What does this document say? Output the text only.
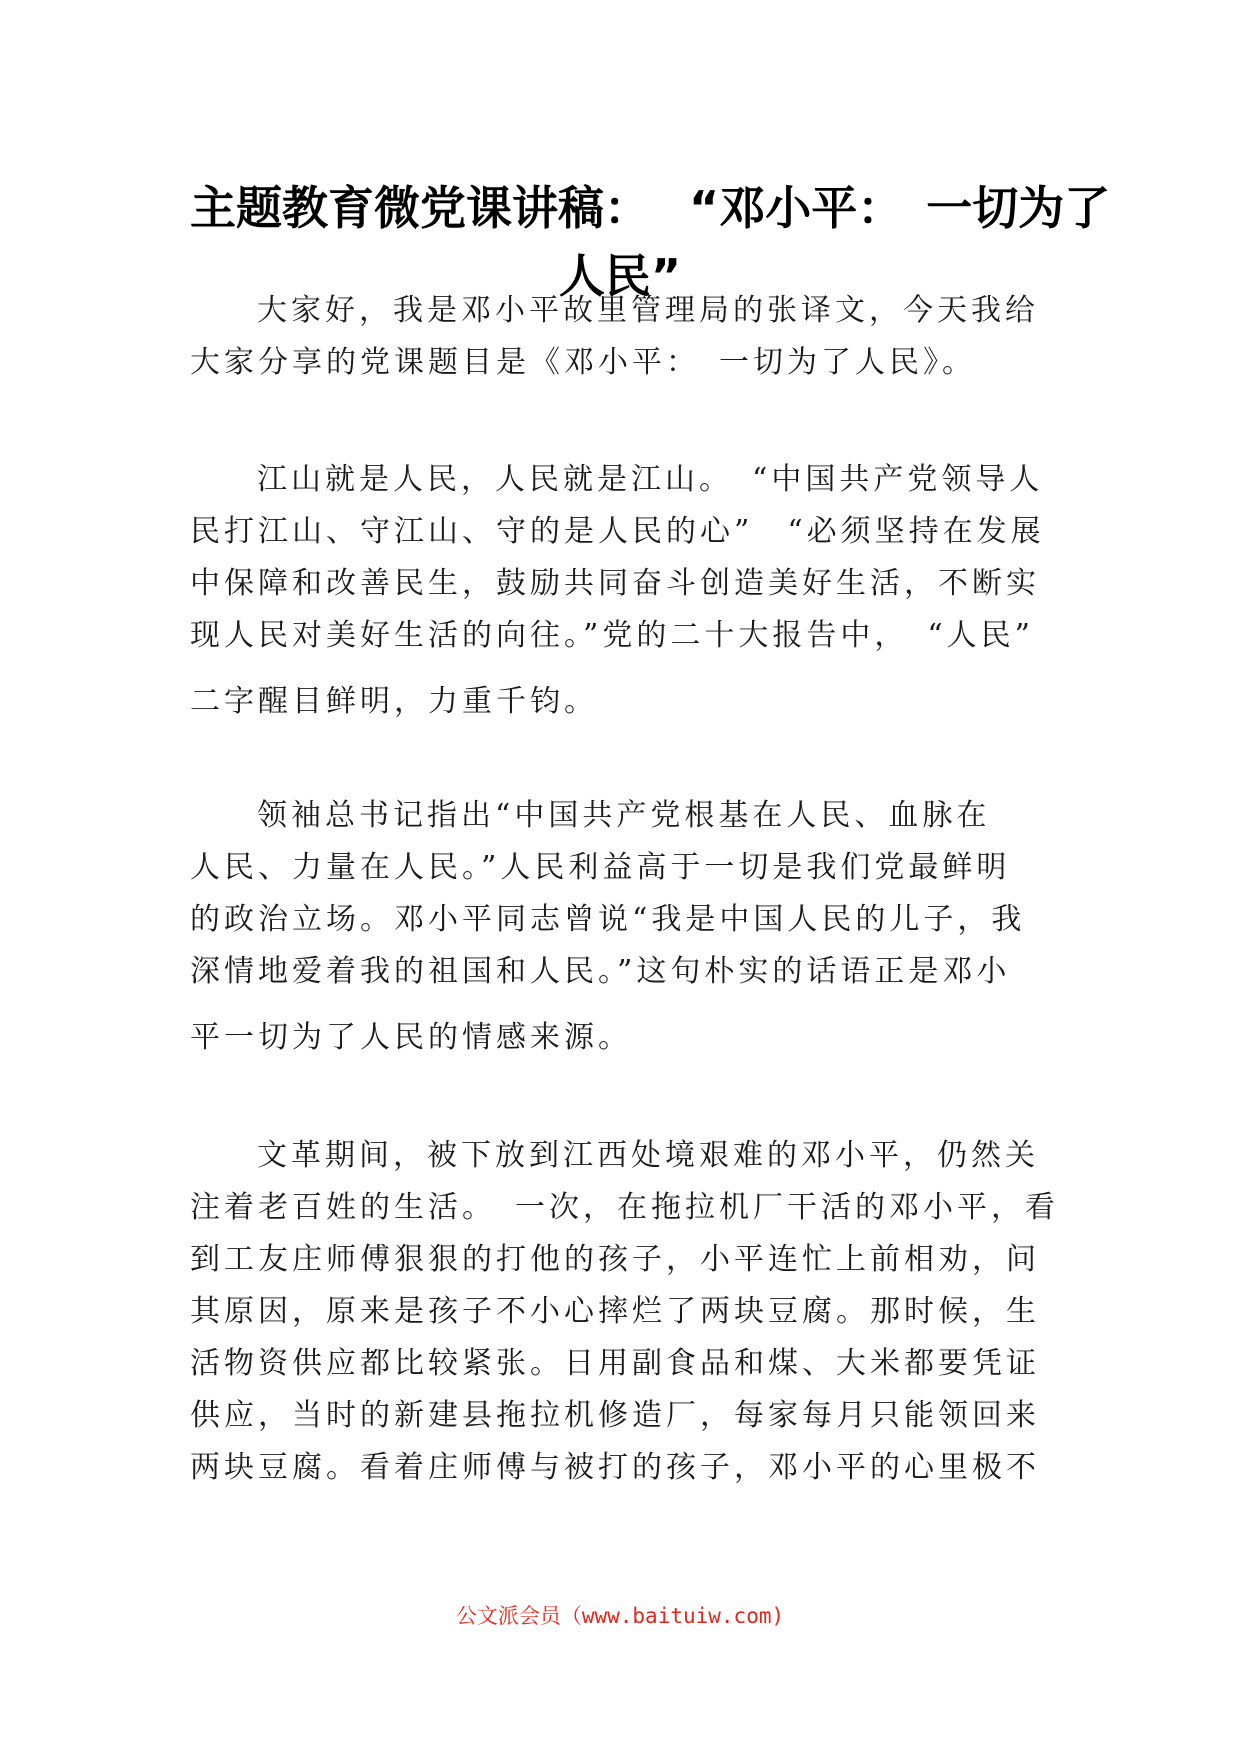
主题教育微党课讲稿：　 “邓小平：　一切为了
人民”
大家好，我是邓小平故里管理局的张译文，今天我给
大家分享的党课题目是《邓小平：　一切为了人民》。
江山就是人民，人民就是江山。　“中国共产党领导人
民打江山、守江山、守的是人民的心”　“必须坚持在发展
中保障和改善民生，鼓励共同奋斗创造美好生活，不断实
现人民对美好生活的向往。”党的二十大报告中，　“人民”
二字醒目鲜明，力重千钧。
领袖总书记指出“中国共产党根基在人民、血脉在
人民、力量在人民。”人民利益高于一切是我们党最鲜明
的政治立场。邓小平同志曾说“我是中国人民的儿子，我
深情地爱着我的祖国和人民。”这句朴实的话语正是邓小
平一切为了人民的情感来源。
文革期间，被下放到江西处境艰难的邓小平，仍然关
注着老百姓的生活。　一次，在拖拉机厂干活的邓小平，看
到工友庄师傅狠狠的打他的孩子，小平连忙上前相劝，问
其原因，原来是孩子不小心摔烂了两块豆腐。那时候，生
活物资供应都比较紧张。日用副食品和煤、大米都要凭证
供应，当时的新建县拖拉机修造厂，每家每月只能领回来
两块豆腐。看着庄师傅与被打的孩子，邓小平的心里极不
公文派会员（www.baituiw.com)
